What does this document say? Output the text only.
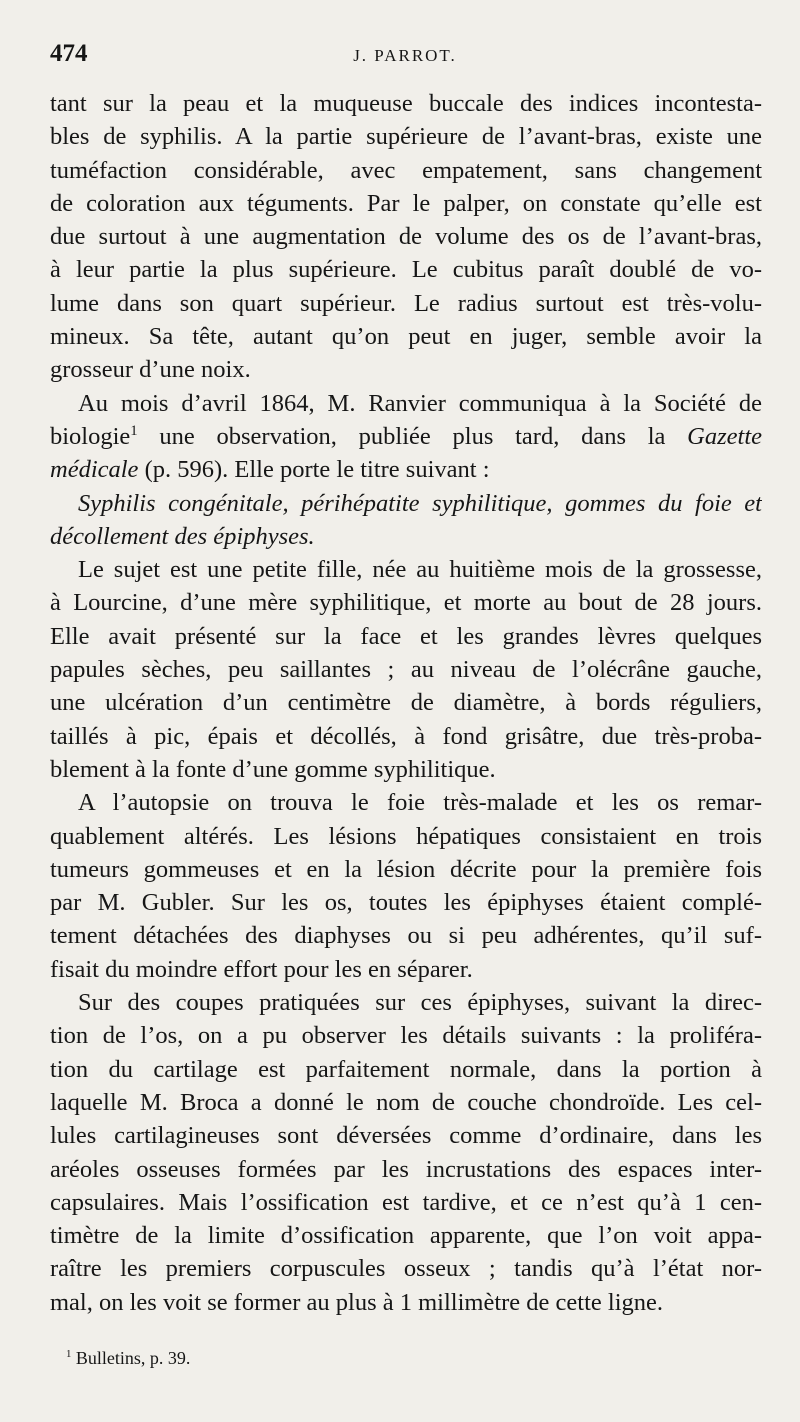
474	J. PARROT.
tant sur la peau et la muqueuse buccale des indices incontesta-
bles de syphilis. A la partie supérieure de l’avant-bras, existe une
tuméfaction considérable, avec empatement, sans changement
de coloration aux téguments. Par le palper, on constate qu’elle est
due surtout à une augmentation de volume des os de l’avant-bras,
à leur partie la plus supérieure. Le cubitus paraît doublé de vo-
lume dans son quart supérieur. Le radius surtout est très-volu-
mineux. Sa tête, autant qu’on peut en juger, semble avoir la
grosseur d’une noix.
Au mois d’avril 1864, M. Ranvier communiqua à la Société de
biologie$^1$ une observation, publiée plus tard, dans la Gazette
médicale (p. 596). Elle porte le titre suivant :
Syphilis congénitale, périhépatite syphilitique, gommes du foie et
décollement des épiphyses.
Le sujet est une petite fille, née au huitième mois de la grossesse,
à Lourcine, d’une mère syphilitique, et morte au bout de 28 jours.
Elle avait présenté sur la face et les grandes lèvres quelques
papules sèches, peu saillantes ; au niveau de l’olécrâne gauche,
une ulcération d’un centimètre de diamètre, à bords réguliers,
taillés à pic, épais et décollés, à fond grisâtre, due très-proba-
blement à la fonte d’une gomme syphilitique.
A l’autopsie on trouva le foie très-malade et les os remar-
quablement altérés. Les lésions hépatiques consistaient en trois
tumeurs gommeuses et en la lésion décrite pour la première fois
par M. Gubler. Sur les os, toutes les épiphyses étaient complé-
tement détachées des diaphyses ou si peu adhérentes, qu’il suf-
fisait du moindre effort pour les en séparer.
Sur des coupes pratiquées sur ces épiphyses, suivant la direc-
tion de l’os, on a pu observer les détails suivants : la proliféra-
tion du cartilage est parfaitement normale, dans la portion à
laquelle M. Broca a donné le nom de couche chondroïde. Les cel-
lules cartilagineuses sont déversées comme d’ordinaire, dans les
aréoles osseuses formées par les incrustations des espaces inter-
capsulaires. Mais l’ossification est tardive, et ce n’est qu’à 1 cen-
timètre de la limite d’ossification apparente, que l’on voit appa-
raître les premiers corpuscules osseux ; tandis qu’à l’état nor-
mal, on les voit se former au plus à 1 millimètre de cette ligne.
$^1$ Bulletins, p. 39.
